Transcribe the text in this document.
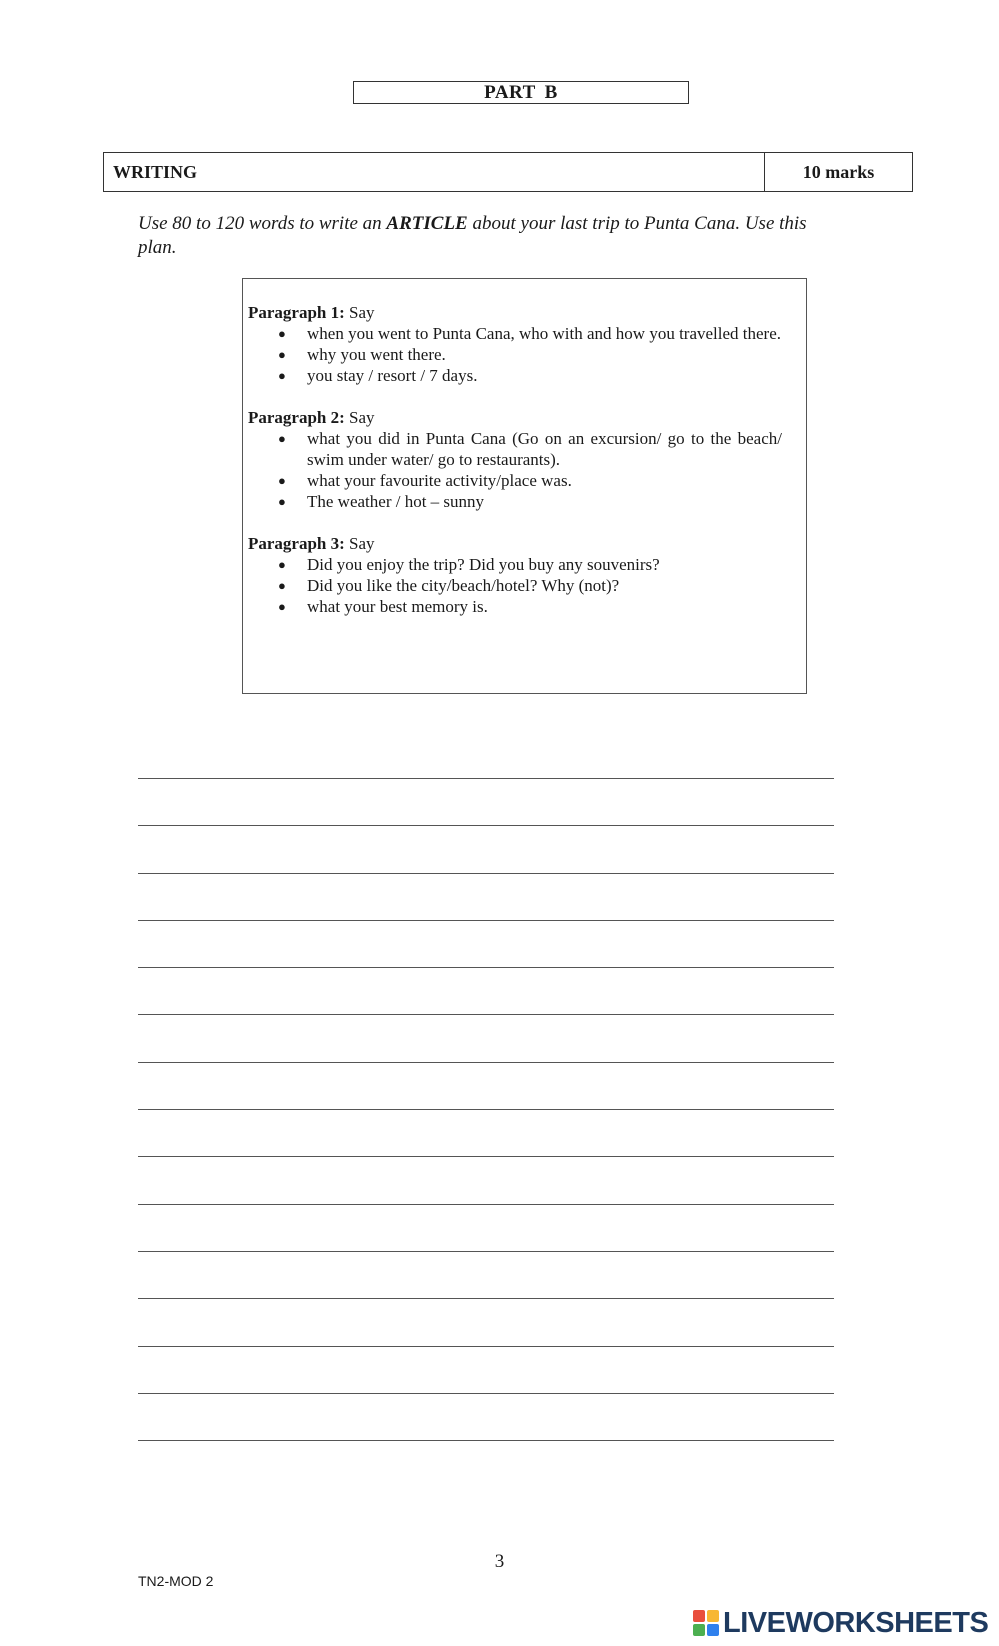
PART B
WRITING	10 marks
Use 80 to 120 words to write an ARTICLE about your last trip to Punta Cana. Use this plan.
Paragraph 1: Say
● when you went to Punta Cana, who with and how you travelled there.
● why you went there.
● you stay / resort / 7 days.
Paragraph 2: Say
● what you did in Punta Cana (Go on an excursion/ go to the beach/ swim under water/ go to restaurants).
● what your favourite activity/place was.
● The weather / hot – sunny
Paragraph 3: Say
● Did you enjoy the trip? Did you buy any souvenirs?
● Did you like the city/beach/hotel? Why (not)?
● what your best memory is.
3
TN2-MOD 2
LIVEWORKSHEETS
